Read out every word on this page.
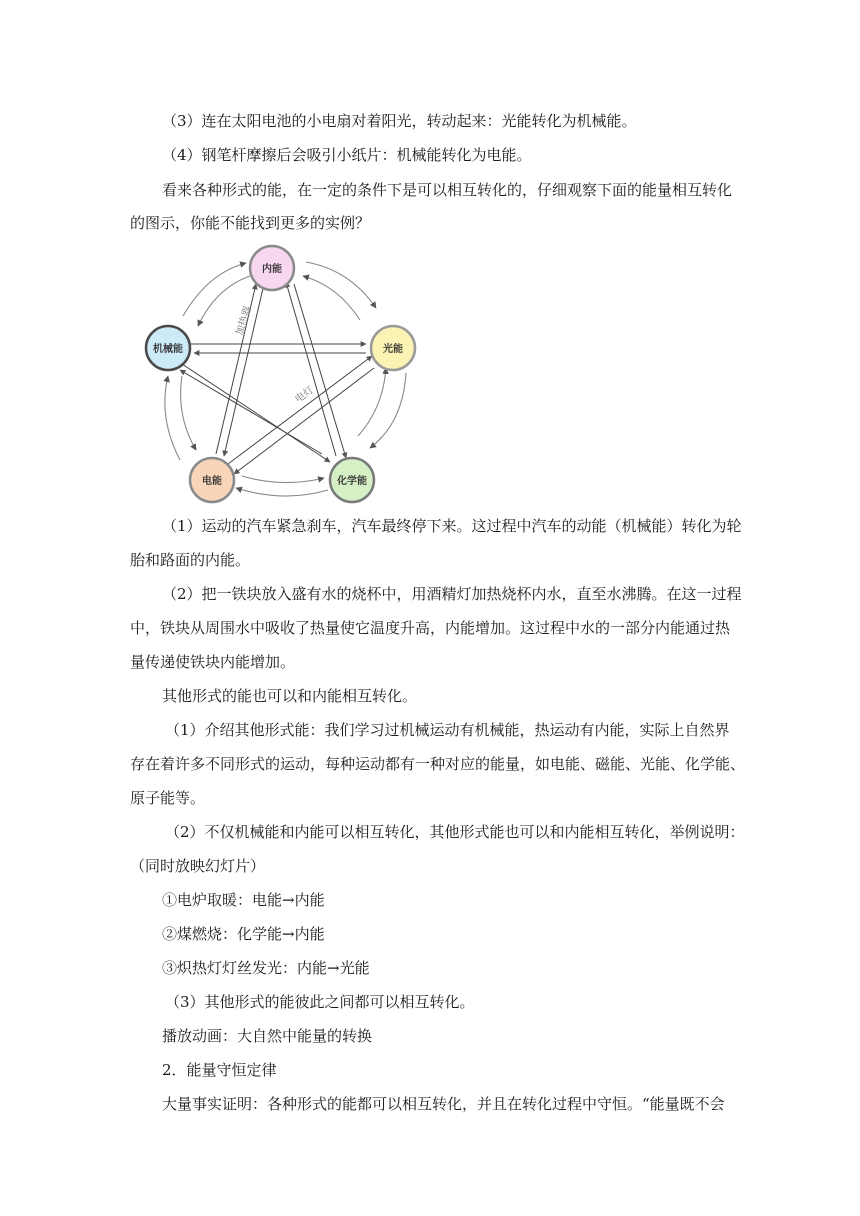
（3）连在太阳电池的小电扇对着阳光，转动起来：光能转化为机械能。
（4）钢笔杆摩擦后会吸引小纸片：机械能转化为电能。
看来各种形式的能，在一定的条件下是可以相互转化的，仔细观察下面的能量相互转化
的图示，你能不能找到更多的实例？
加热器
电灯
内能
机械能	光能
电能	化学能
（1）运动的汽车紧急刹车，汽车最终停下来。这过程中汽车的动能（机械能）转化为轮
胎和路面的内能。
（2）把一铁块放入盛有水的烧杯中，用酒精灯加热烧杯内水，直至水沸腾。在这一过程
中，铁块从周围水中吸收了热量使它温度升高，内能增加。这过程中水的一部分内能通过热
量传递使铁块内能增加。
其他形式的能也可以和内能相互转化。
（1）介绍其他形式能：我们学习过机械运动有机械能，热运动有内能，实际上自然界
存在着许多不同形式的运动，每种运动都有一种对应的能量，如电能、磁能、光能、化学能、
原子能等。
（2）不仅机械能和内能可以相互转化，其他形式能也可以和内能相互转化，举例说明：
（同时放映幻灯片）
①电炉取暖：电能→内能
②煤燃烧：化学能→内能
③炽热灯灯丝发光：内能→光能
（3）其他形式的能彼此之间都可以相互转化。
播放动画：大自然中能量的转换
2．能量守恒定律
大量事实证明：各种形式的能都可以相互转化，并且在转化过程中守恒。“能量既不会
